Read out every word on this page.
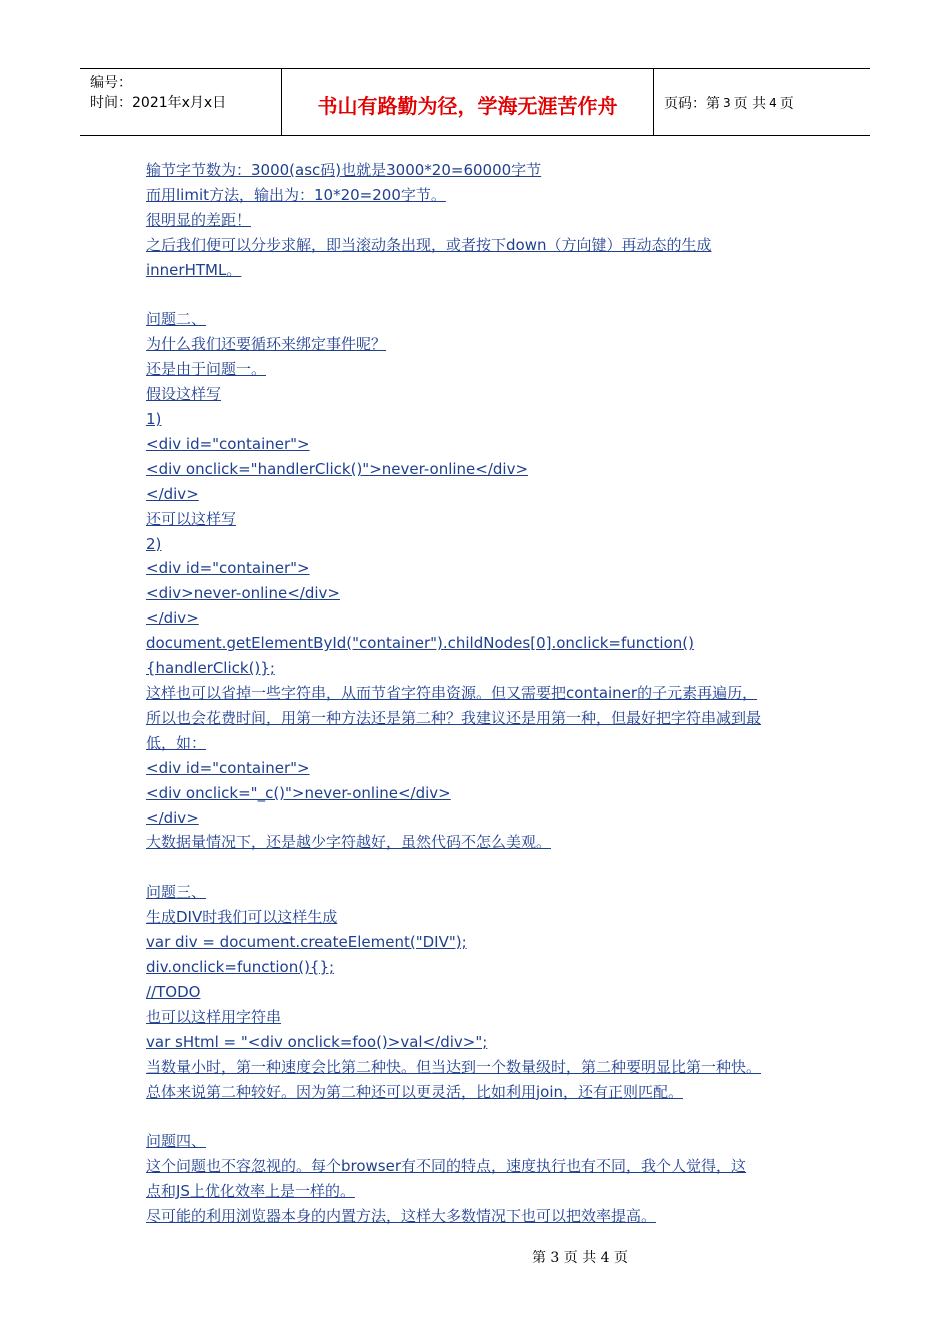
编号：
时间：2021年x月x日	书山有路勤为径，学海无涯苦作舟	页码：第 3 页 共 4 页
输节字节数为：3000(asc码)也就是3000*20=60000字节
而用limit方法，输出为：10*20=200字节。
很明显的差距！
之后我们便可以分步求解，即当滚动条出现，或者按下down（方向键）再动态的生成
innerHTML。
问题二、
为什么我们还要循环来绑定事件呢？
还是由于问题一。
假设这样写
1)
<div id="container">
<div onclick="handlerClick()">never-online</div>
</div>
还可以这样写
2)
<div id="container">
<div>never-online</div>
</div>
document.getElementById("container").childNodes[0].onclick=function()
{handlerClick()};
这样也可以省掉一些字符串，从而节省字符串资源。但又需要把container的子元素再遍历，
所以也会花费时间，用第一种方法还是第二种？我建议还是用第一种，但最好把字符串减到最
低，如：
<div id="container">
<div onclick="_c()">never-online</div>
</div>
大数据量情况下，还是越少字符越好，虽然代码不怎么美观。
问题三、
生成DIV时我们可以这样生成
var div = document.createElement("DIV");
div.onclick=function(){};
//TODO
也可以这样用字符串
var sHtml = "<div onclick=foo()>val</div>";
当数量小时，第一种速度会比第二种快。但当达到一个数量级时，第二种要明显比第一种快。
总体来说第二种较好。因为第二种还可以更灵活，比如利用join，还有正则匹配。
问题四、
这个问题也不容忽视的。每个browser有不同的特点，速度执行也有不同，我个人觉得，这
点和JS上优化效率上是一样的。
尽可能的利用浏览器本身的内置方法，这样大多数情况下也可以把效率提高。
第 3 页 共 4 页
